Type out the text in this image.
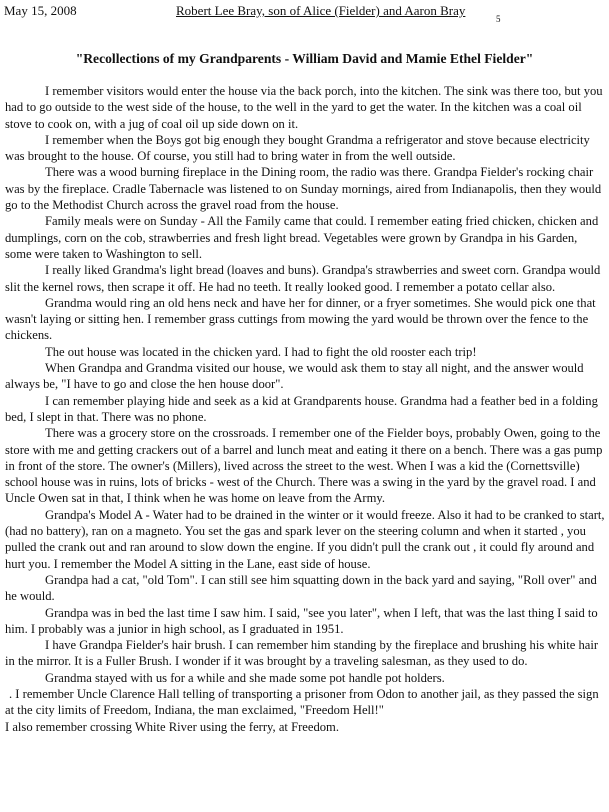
May 15, 2008	Robert Lee Bray, son of Alice (Fielder) and Aaron Bray
5
"Recollections of my Grandparents - William David and Mamie Ethel Fielder"

I remember visitors would enter the house via the back porch, into the kitchen. The sink was there too, but you had to go outside to the west side of the house, to the well in the yard to get the water. In the kitchen was a coal oil stove to cook on, with a jug of coal oil up side down on it.

I remember when the Boys got big enough they bought Grandma a refrigerator and stove because electricity was brought to the house. Of course, you still had to bring water in from the well outside.

There was a wood burning fireplace in the Dining room, the radio was there. Grandpa Fielder's rocking chair was by the fireplace. Cradle Tabernacle was listened to on Sunday mornings, aired from Indianapolis, then they would go to the Methodist Church across the gravel road from the house.

Family meals were on Sunday - All the Family came that could. I remember eating fried chicken, chicken and dumplings, corn on the cob, strawberries and fresh light bread. Vegetables were grown by Grandpa in his Garden, some were taken to Washington to sell.

I really liked Grandma's light bread (loaves and buns). Grandpa's strawberries and sweet corn. Grandpa would slit the kernel rows, then scrape it off. He had no teeth. It really looked good. I remember a potato cellar also.

Grandma would ring an old hens neck and have her for dinner, or a fryer sometimes. She would pick one that wasn't laying or sitting hen. I remember grass cuttings from mowing the yard would be thrown over the fence to the chickens.

The out house was located in the chicken yard. I had to fight the old rooster each trip!

When Grandpa and Grandma visited our house, we would ask them to stay all night, and the answer would always be, "I have to go and close the hen house door".

I can remember playing hide and seek as a kid at Grandparents house. Grandma had a feather bed in a folding bed, I slept in that. There was no phone.

There was a grocery store on the crossroads. I remember one of the Fielder boys, probably Owen, going to the store with me and getting crackers out of a barrel and lunch meat and eating it there on a bench. There was a gas pump in front of the store. The owner's (Millers), lived across the street to the west. When I was a kid the (Cornettsville) school house was in ruins, lots of bricks - west of the Church. There was a swing in the yard by the gravel road. I and Uncle Owen sat in that, I think when he was home on leave from the Army.

Grandpa's Model A - Water had to be drained in the winter or it would freeze. Also it had to be cranked to start, (had no battery), ran on a magneto. You set the gas and spark lever on the steering column and when it started , you pulled the crank out and ran around to slow down the engine. If you didn't pull the crank out , it could fly around and hurt you. I remember the Model A sitting in the Lane, east side of house.

Grandpa had a cat, "old Tom". I can still see him squatting down in the back yard and saying, "Roll over" and he would.

Grandpa was in bed the last time I saw him. I said, "see you later", when I left, that was the last thing I said to him. I probably was a junior in high school, as I graduated in 1951.

I have Grandpa Fielder's hair brush. I can remember him standing by the fireplace and brushing his white hair in the mirror. It is a Fuller Brush. I wonder if it was brought by a traveling salesman, as they used to do.

Grandma stayed with us for a while and she made some pot handle pot holders.

. I remember Uncle Clarence Hall telling of transporting a prisoner from Odon to another jail, as they passed the sign at the city limits of Freedom, Indiana, the man exclaimed, "Freedom Hell!"

I also remember crossing White River using the ferry, at Freedom.
